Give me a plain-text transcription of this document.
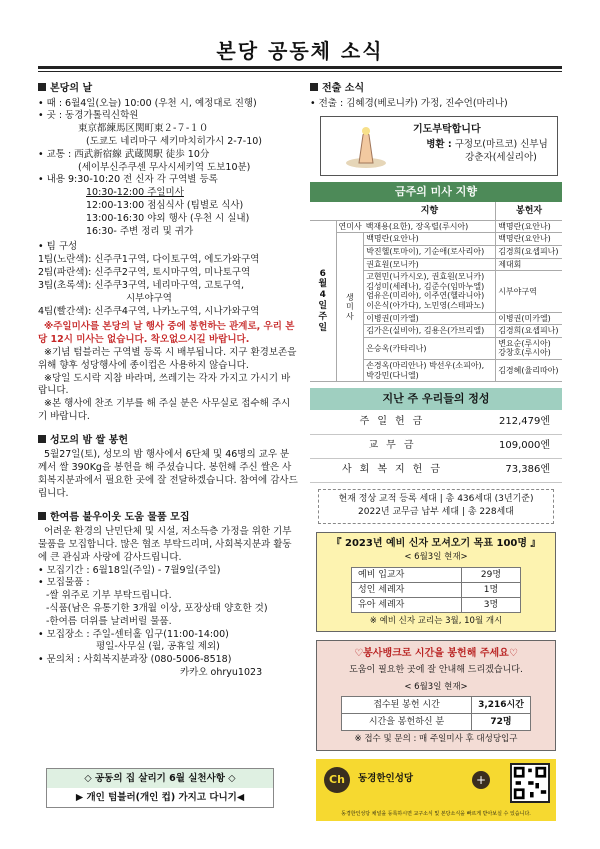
본당 공동체 소식
본당의 날
• 때 : 6월4일(오늘) 10:00 (우천 시, 예정대로 진행)
• 곳 : 동경가톨릭신학원
東京都練馬区関町東２-７-１０
(도쿄도 네리마구 세키마치히가시 2-7-10)
• 교통 : 西武新宿線 武蔵関駅 徒歩 10分
(세이부신주쿠센 무사시세키역 도보10분)
• 내용 9:30-10:20 전 신자 각 구역별 등록
10:30-12:00 주일미사
12:00-13:00 점심식사 (팀별로 식사)
13:00-16:30 야외 행사 (우천 시 실내)
16:30- 주변 정리 및 귀가
• 팀 구성
1팀(노란색): 신주쿠1구역, 다이토구역, 에도가와구역
2팀(파란색): 신주쿠2구역, 토시마구역, 미나토구역
3팀(초록색): 신주쿠3구역, 네리마구역, 고토구역,
시부야구역
4팀(빨간색): 신주쿠4구역, 나카노구역, 시나가와구역
※주일미사를 본당의 날 행사 중에 봉헌하는 관계로, 우리 본당 12시 미사는 없습니다. 착오없으시길 바랍니다.
※기념 텀블러는 구역별 등록 시 배부됩니다. 지구 환경보존을 위해 향후 성당행사에 종이컵은 사용하지 않습니다.
※당일 도시락 지참 바라며, 쓰레기는 각자 가지고 가시기 바랍니다.
※본 행사에 찬조 기부를 해 주실 분은 사무실로 접수해 주시기 바랍니다.
성모의 밤 쌀 봉헌
5월27일(토), 성모의 밤 행사에서 6단체 및 46명의 교우 분께서 쌀 390Kg을 봉헌을 해 주셨습니다. 봉헌해 주신 쌀은 사회복지분과에서 필요한 곳에 잘 전달하겠습니다. 참여에 감사드립니다.
한여름 불우이웃 도움 물품 모집
어려운 환경의 난민단체 및 시설, 저소득층 가정을 위한 기부물품을 모집합니다. 많은 협조 부탁드리며, 사회복지분과 활동에 큰 관심과 사랑에 감사드립니다.
• 모집기간 : 6월18일(주일) - 7월9일(주일)
• 모집물품 :
-쌀 위주로 기부 부탁드립니다.
-식품(남은 유통기한 3개월 이상, 포장상태 양호한 것)
-한여름 더위를 날려버릴 물품.
• 모집장소 : 주일-센터홀 입구(11:00-14:00)
평일-사무실 (월, 공휴일 제외)
• 문의처 : 사회복지분과장 (080-5006-8518)
카카오 ohryu1023
◇ 공동의 집 살리기 6월 실천사항 ◇
▶ 개인 텀블러(개인 컵) 가지고 다니기◀
전출 소식
• 전출 : 김혜경(베로니카) 가정, 진수언(마리나)
기도부탁합니다
병환 : 구정모(마르코) 신부님
강춘자(세실리아)
금주의 미사 지향
		지향	봉헌자

6월 4일 주일	연미사	백재용(요한), 장옥렬(루시아)	백명란(요안나)

	생미사	백명란(요안나)	백명란(요안나)
		박진헬(토마이), 기순애(로사리아)	김경희(요셉피나)
		권효원(모니카)	제대회
		고현민(니카시오), 권효원(모니카) 김성미(세레나), 김준수(임마누엘) 엄유은(미리아), 이주연(헬라니아) 이은식(아가다), 노민영(스테파노)	시부야구역
		이병권(미카엘)	이병권(미카엘)
		김가은(실비아), 김용은(가브리엘)	김경희(요셉피나)
		은승옥(카타리나)	변요순(루시아) 강창호(루시아)
		손경옥(마리안나) 박선우(소피아), 박강민(다니엘)	김경혜(율리따아)
지난 주 우리들의 정성
주일헌금	212,479엔
교무금	109,000엔
사회복지헌금	73,386엔
현재 정상 교적 등록 세대 | 총 436세대 (3년기준)
2022년 교무금 납부 세대 | 총 228세대
『 2023년 예비 신자 모셔오기 목표 100명 』
< 6월3일 현재>
예비 입교자	29명
성인 세례자	1명
유아 세례자	3명
※ 예비 신자 교리는 3월, 10월 개시
♡봉사뱅크로 시간을 봉헌해 주세요♡
도움이 필요한 곳에 잘 안내해 드리겠습니다.
< 6월3일 현재>
접수된 봉헌 시간	3,216시간
시간을 봉헌하신 분	72명
※ 접수 및 문의 : 매 주일미사 후 대성당입구
Ch	동경한인성당	+
동경한인성당 채널을 등록하시면 교구소식 및 본당소식을 빠르게 받아보실 수 있습니다.
